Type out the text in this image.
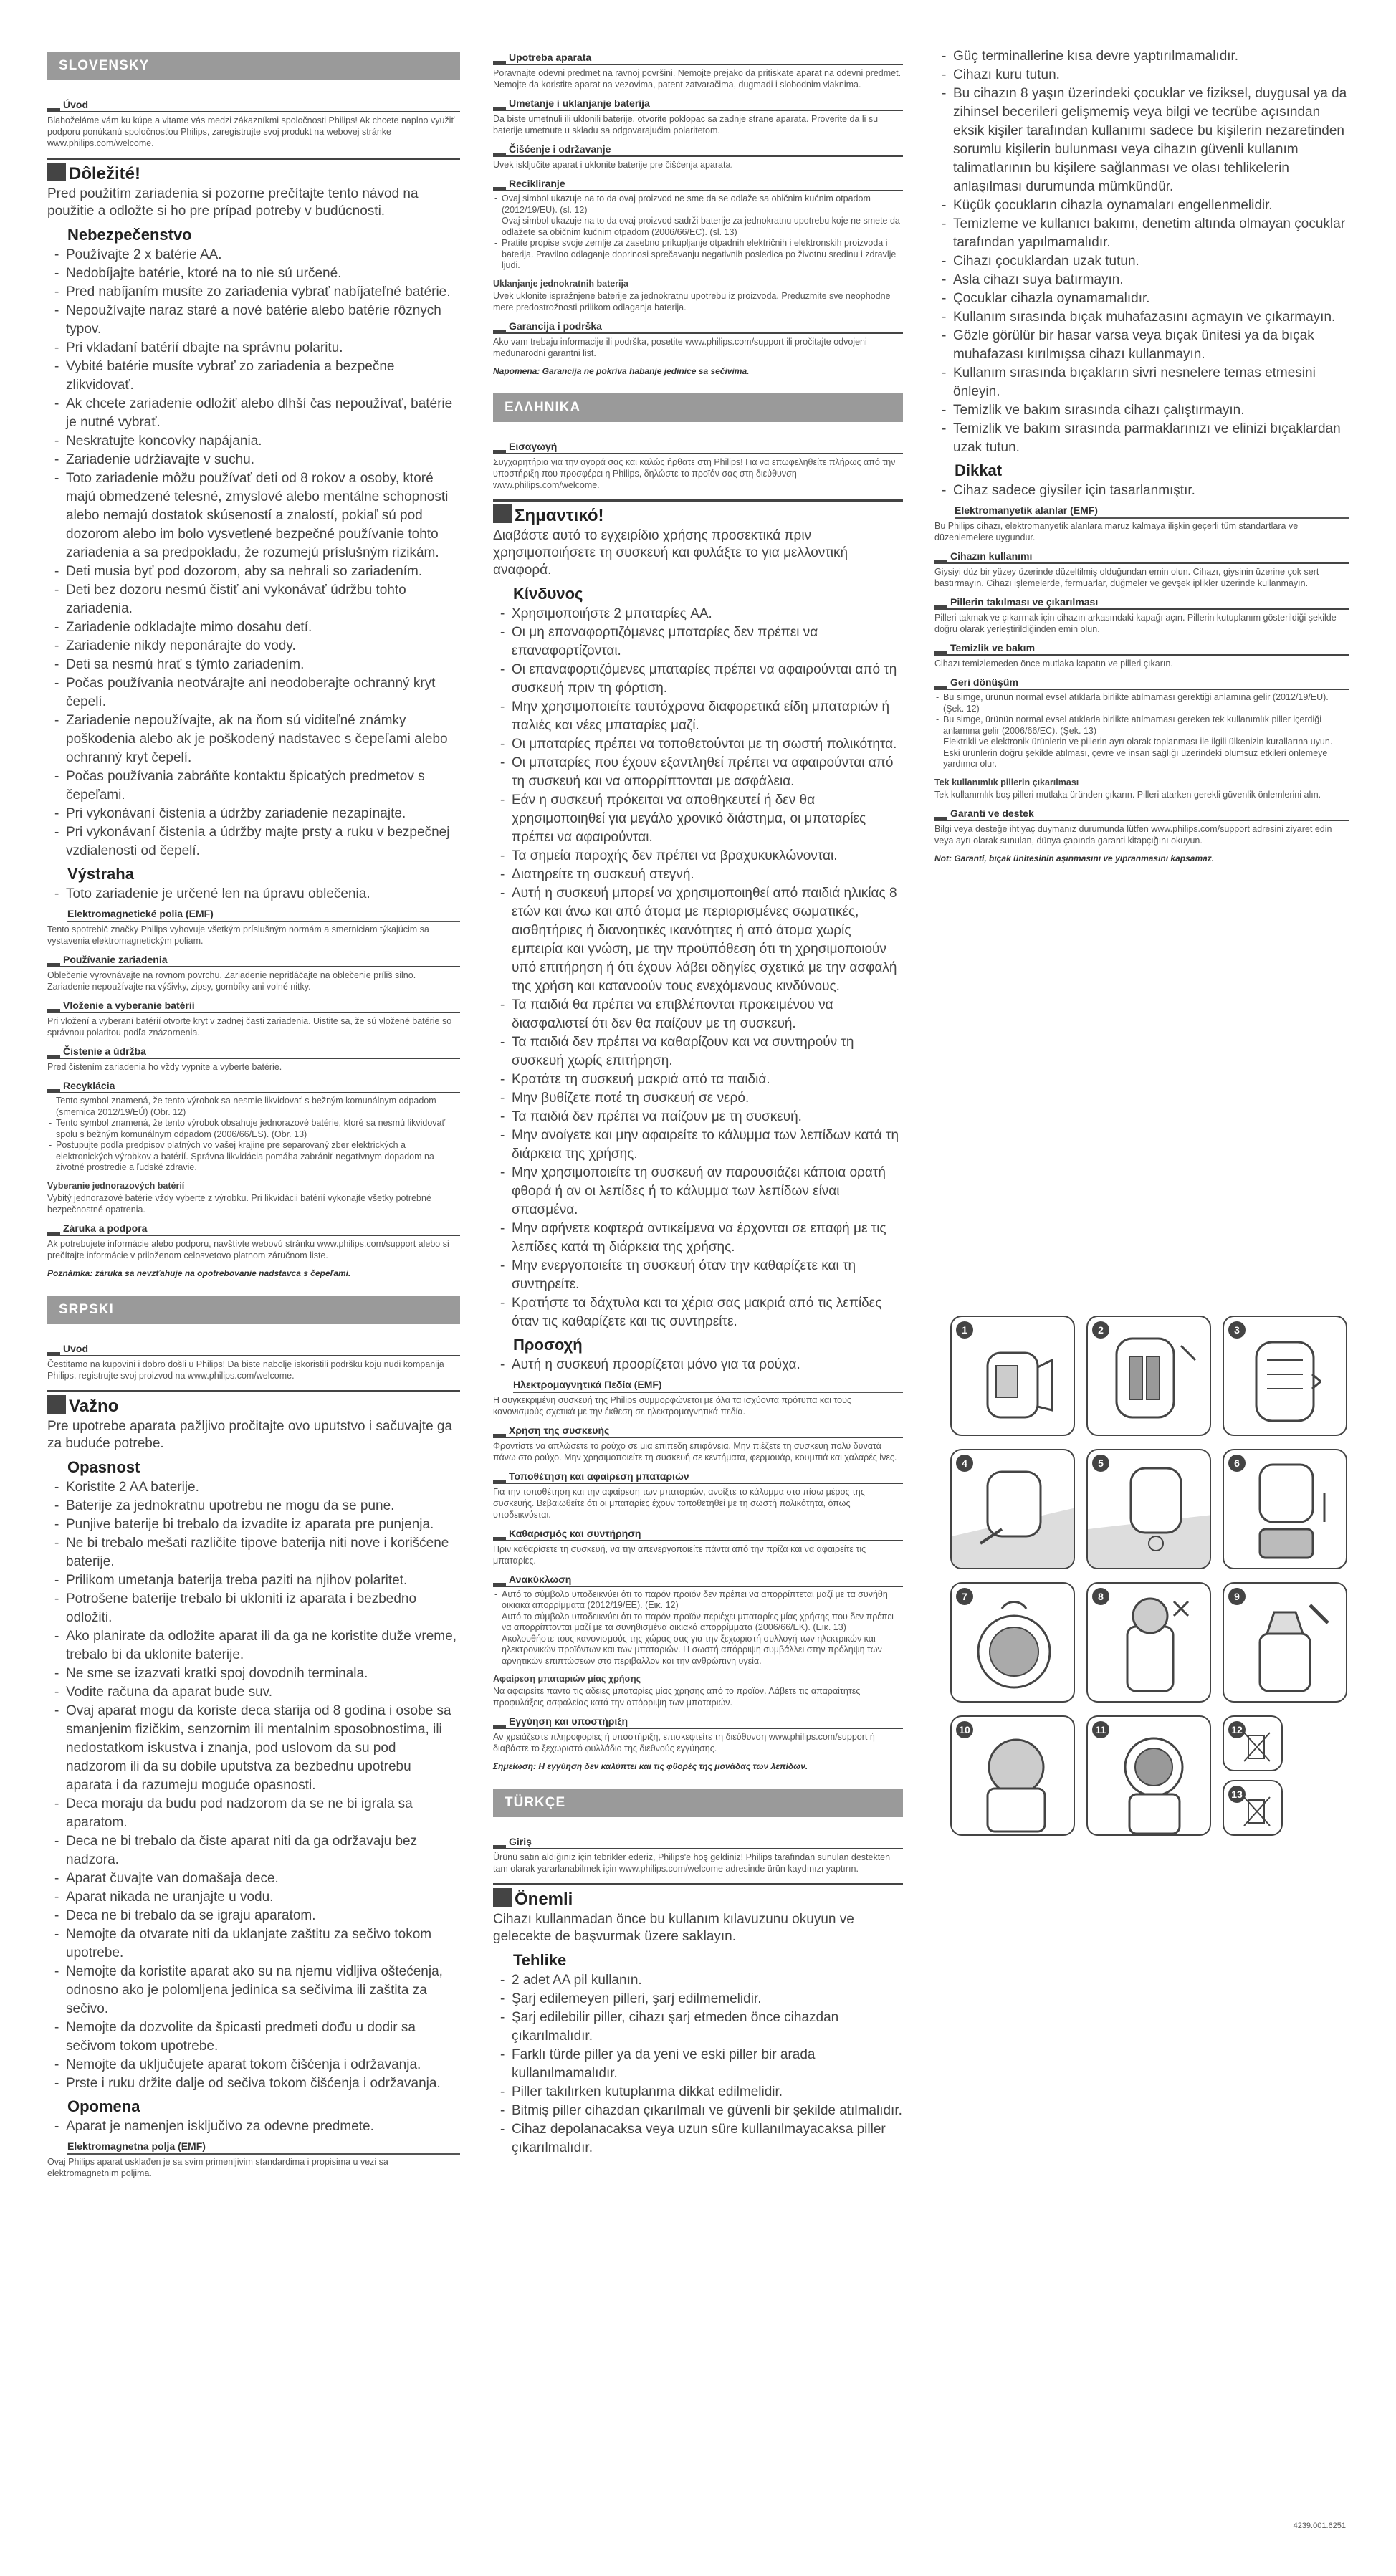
SLOVENSKY
Úvod

Blahoželáme vám ku kúpe a vitame vás medzi zákazníkmi spoločnosti Philips! Ak chcete naplno využiť podporu ponúkanú spoločnosťou Philips, zaregistrujte svoj produkt na webovej stránke www.philips.com/welcome.

Dôležité!

Pred použitím zariadenia si pozorne prečítajte tento návod na použitie a odložte si ho pre prípad potreby v budúcnosti.

Nebezpečenstvo
- Používajte 2 x batérie AA.
- Nedobíjajte batérie, ktoré na to nie sú určené.
- Pred nabíjaním musíte zo zariadenia vybrať nabíjateľné batérie.
- Nepoužívajte naraz staré a nové batérie alebo batérie rôznych typov.
- Pri vkladaní batérií dbajte na správnu polaritu.
- Vybité batérie musíte vybrať zo zariadenia a bezpečne zlikvidovať.
- Ak chcete zariadenie odložiť alebo dlhší čas nepoužívať, batérie je nutné vybrať.
- Neskratujte koncovky napájania.
- Zariadenie udržiavajte v suchu.
- Toto zariadenie môžu používať deti od 8 rokov a osoby, ktoré majú obmedzené telesné, zmyslové alebo mentálne schopnosti alebo nemajú dostatok skúseností a znalostí, pokiaľ sú pod dozorom alebo im bolo vysvetlené bezpečné používanie tohto zariadenia a sa predpokladu, že rozumejú príslušným rizikám.
- Deti musia byť pod dozorom, aby sa nehrali so zariadením.
- Deti bez dozoru nesmú čistiť ani vykonávať údržbu tohto zariadenia.
- Zariadenie odkladajte mimo dosahu detí.
- Zariadenie nikdy neponárajte do vody.
- Deti sa nesmú hrať s týmto zariadením.
- Počas používania neotvárajte ani neodoberajte ochranný kryt čepelí.
- Zariadenie nepoužívajte, ak na ňom sú viditeľné známky poškodenia alebo ak je poškodený nadstavec s čepeľami alebo ochranný kryt čepelí.
- Počas používania zabráňte kontaktu špicatých predmetov s čepeľami.
- Pri vykonávaní čistenia a údržby zariadenie nezapínajte.
- Pri vykonávaní čistenia a údržby majte prsty a ruku v bezpečnej vzdialenosti od čepelí.
Výstraha
- Toto zariadenie je určené len na úpravu oblečenia.
Elektromagnetické polia (EMF)

Tento spotrebič značky Philips vyhovuje všetkým príslušným normám a smerniciam týkajúcim sa vystavenia elektromagnetickým poliam.

Používanie zariadenia

Oblečenie vyrovnávajte na rovnom povrchu. Zariadenie nepritláčajte na oblečenie príliš silno. Zariadenie nepoužívajte na výšivky, zipsy, gombíky ani volné nitky.

Vloženie a vyberanie batérií

Pri vložení a vyberaní batérií otvorte kryt v zadnej časti zariadenia. Uistite sa, že sú vložené batérie so správnou polaritou podľa znázornenia.

Čistenie a údržba

Pred čistením zariadenia ho vždy vypnite a vyberte batérie.

Recyklácia
- Tento symbol znamená, že tento výrobok sa nesmie likvidovať s bežným komunálnym odpadom (smernica 2012/19/EÚ) (Obr. 12)
- Tento symbol znamená, že tento výrobok obsahuje jednorazové batérie, ktoré sa nesmú likvidovať spolu s bežným komunálnym odpadom (2006/66/ES). (Obr. 13)
- Postupujte podľa predpisov platných vo vašej krajine pre separovaný zber elektrických a elektronických výrobkov a batérií. Správna likvidácia pomáha zabrániť negatívnym dopadom na životné prostredie a ľudské zdravie.
Vyberanie jednorazových batérií

Vybitý jednorazové batérie vždy vyberte z výrobku. Pri likvidácii batérií vykonajte všetky potrebné bezpečnostné opatrenia.

Záruka a podpora

Ak potrebujete informácie alebo podporu, navštívte webovú stránku www.philips.com/support alebo si prečítajte informácie v priloženom celosvetovo platnom záručnom liste.

Poznámka: záruka sa nevzťahuje na opotrebovanie nadstavca s čepeľami.

SRPSKI
Uvod

Čestitamo na kupovini i dobro došli u Philips! Da biste nabolje iskoristili podršku koju nudi kompanija Philips, registrujte svoj proizvod na www.philips.com/welcome.

Važno

Pre upotrebe aparata pažljivo pročitajte ovo uputstvo i sačuvajte ga za buduće potrebe.

Opasnost
- Koristite 2 AA baterije.
- Baterije za jednokratnu upotrebu ne mogu da se pune.
- Punjive baterije bi trebalo da izvadite iz aparata pre punjenja.
- Ne bi trebalo mešati različite tipove baterija niti nove i korišćene baterije.
- Prilikom umetanja baterija treba paziti na njihov polaritet.
- Potrošene baterije trebalo bi ukloniti iz aparata i bezbedno odložiti.
- Ako planirate da odložite aparat ili da ga ne koristite duže vreme, trebalo bi da uklonite baterije.
- Ne sme se izazvati kratki spoj dovodnih terminala.
- Vodite računa da aparat bude suv.
- Ovaj aparat mogu da koriste deca starija od 8 godina i osobe sa smanjenim fizičkim, senzornim ili mentalnim sposobnostima, ili nedostatkom iskustva i znanja, pod uslovom da su pod nadzorom ili da su dobile uputstva za bezbednu upotrebu aparata i da razumeju moguće opasnosti.
- Deca moraju da budu pod nadzorom da se ne bi igrala sa aparatom.
- Deca ne bi trebalo da čiste aparat niti da ga održavaju bez nadzora.
- Aparat čuvajte van domašaja dece.
- Aparat nikada ne uranjajte u vodu.
- Deca ne bi trebalo da se igraju aparatom.
- Nemojte da otvarate niti da uklanjate zaštitu za sečivo tokom upotrebe.
- Nemojte da koristite aparat ako su na njemu vidljiva oštećenja, odnosno ako je polomljena jedinica sa sečivima ili zaštita za sečivo.
- Nemojte da dozvolite da špicasti predmeti dođu u dodir sa sečivom tokom upotrebe.
- Nemojte da uključujete aparat tokom čišćenja i održavanja.
- Prste i ruku držite dalje od sečiva tokom čišćenja i održavanja.
Opomena
- Aparat je namenjen isključivo za odevne predmete.
Elektromagnetna polja (EMF)

Ovaj Philips aparat usklađen je sa svim primenljivim standardima i propisima u vezi sa elektromagnetnim poljima.

Upotreba aparata

Poravnajte odevni predmet na ravnoj površini. Nemojte prejako da pritiskate aparat na odevni predmet. Nemojte da koristite aparat na vezovima, patent zatvaračima, dugmadi i slobodnim vlaknima.

Umetanje i uklanjanje baterija

Da biste umetnuli ili uklonili baterije, otvorite poklopac sa zadnje strane aparata. Proverite da li su baterije umetnute u skladu sa odgovarajućim polaritetom.

Čišćenje i održavanje

Uvek isključite aparat i uklonite baterije pre čišćenja aparata.

Recikliranje
- Ovaj simbol ukazuje na to da ovaj proizvod ne sme da se odlaže sa običnim kućnim otpadom (2012/19/EU). (sl. 12)
- Ovaj simbol ukazuje na to da ovaj proizvod sadrži baterije za jednokratnu upotrebu koje ne smete da odlažete sa običnim kućnim otpadom (2006/66/EC). (sl. 13)
- Pratite propise svoje zemlje za zasebno prikupljanje otpadnih električnih i elektronskih proizvoda i baterija. Pravilno odlaganje doprinosi sprečavanju negativnih posledica po životnu sredinu i zdravlje ljudi.
Uklanjanje jednokratnih baterija

Uvek uklonite ispražnjene baterije za jednokratnu upotrebu iz proizvoda. Preduzmite sve neophodne mere predostrožnosti prilikom odlaganja baterija.

Garancija i podrška

Ako vam trebaju informacije ili podrška, posetite www.philips.com/support ili pročitajte odvojeni međunarodni garantni list.

Napomena: Garancija ne pokriva habanje jedinice sa sečivima.

ΕΛΛΗΝΙΚΑ
Εισαγωγή

Συγχαρητήρια για την αγορά σας και καλώς ήρθατε στη Philips! Για να επωφεληθείτε πλήρως από την υποστήριξη που προσφέρει η Philips, δηλώστε το προϊόν σας στη διεύθυνση www.philips.com/welcome.

Σημαντικό!

Διαβάστε αυτό το εγχειρίδιο χρήσης προσεκτικά πριν χρησιμοποιήσετε τη συσκευή και φυλάξτε το για μελλοντική αναφορά.

Κίνδυνος
- Χρησιμοποιήστε 2 μπαταρίες AA.
- Οι μη επαναφορτιζόμενες μπαταρίες δεν πρέπει να επαναφορτίζονται.
- Οι επαναφορτιζόμενες μπαταρίες πρέπει να αφαιρούνται από τη συσκευή πριν τη φόρτιση.
- Μην χρησιμοποιείτε ταυτόχρονα διαφορετικά είδη μπαταριών ή παλιές και νέες μπαταρίες μαζί.
- Οι μπαταρίες πρέπει να τοποθετούνται με τη σωστή πολικότητα.
- Οι μπαταρίες που έχουν εξαντληθεί πρέπει να αφαιρούνται από τη συσκευή και να απορρίπτονται με ασφάλεια.
- Εάν η συσκευή πρόκειται να αποθηκευτεί ή δεν θα χρησιμοποιηθεί για μεγάλο χρονικό διάστημα, οι μπαταρίες πρέπει να αφαιρούνται.
- Τα σημεία παροχής δεν πρέπει να βραχυκυκλώνονται.
- Διατηρείτε τη συσκευή στεγνή.
- Αυτή η συσκευή μπορεί να χρησιμοποιηθεί από παιδιά ηλικίας 8 ετών και άνω και από άτομα με περιορισμένες σωματικές, αισθητήριες ή διανοητικές ικανότητες ή από άτομα χωρίς εμπειρία και γνώση, με την προϋπόθεση ότι τη χρησιμοποιούν υπό επιτήρηση ή ότι έχουν λάβει οδηγίες σχετικά με την ασφαλή της χρήση και κατανοούν τους ενεχόμενους κινδύνους.
- Τα παιδιά θα πρέπει να επιβλέπονται προκειμένου να διασφαλιστεί ότι δεν θα παίζουν με τη συσκευή.
- Τα παιδιά δεν πρέπει να καθαρίζουν και να συντηρούν τη συσκευή χωρίς επιτήρηση.
- Κρατάτε τη συσκευή μακριά από τα παιδιά.
- Μην βυθίζετε ποτέ τη συσκευή σε νερό.
- Τα παιδιά δεν πρέπει να παίζουν με τη συσκευή.
- Μην ανοίγετε και μην αφαιρείτε το κάλυμμα των λεπίδων κατά τη διάρκεια της χρήσης.
- Μην χρησιμοποιείτε τη συσκευή αν παρουσιάζει κάποια ορατή φθορά ή αν οι λεπίδες ή το κάλυμμα των λεπίδων είναι σπασμένα.
- Μην αφήνετε κοφτερά αντικείμενα να έρχονται σε επαφή με τις λεπίδες κατά τη διάρκεια της χρήσης.
- Μην ενεργοποιείτε τη συσκευή όταν την καθαρίζετε και τη συντηρείτε.
- Κρατήστε τα δάχτυλα και τα χέρια σας μακριά από τις λεπίδες όταν τις καθαρίζετε και τις συντηρείτε.
Προσοχή
- Αυτή η συσκευή προορίζεται μόνο για τα ρούχα.
Ηλεκτρομαγνητικά Πεδία (EMF)

Η συγκεκριμένη συσκευή της Philips συμμορφώνεται με όλα τα ισχύοντα πρότυπα και τους κανονισμούς σχετικά με την έκθεση σε ηλεκτρομαγνητικά πεδία.

Χρήση της συσκευής

Φροντίστε να απλώσετε το ρούχο σε μια επίπεδη επιφάνεια. Μην πιέζετε τη συσκευή πολύ δυνατά πάνω στο ρούχο. Μην χρησιμοποιείτε τη συσκευή σε κεντήματα, φερμουάρ, κουμπιά και χαλαρές ίνες.

Τοποθέτηση και αφαίρεση μπαταριών

Για την τοποθέτηση και την αφαίρεση των μπαταριών, ανοίξτε το κάλυμμα στο πίσω μέρος της συσκευής. Βεβαιωθείτε ότι οι μπαταρίες έχουν τοποθετηθεί με τη σωστή πολικότητα, όπως υποδεικνύεται.

Καθαρισμός και συντήρηση

Πριν καθαρίσετε τη συσκευή, να την απενεργοποιείτε πάντα από την πρίζα και να αφαιρείτε τις μπαταρίες.

Ανακύκλωση
- Αυτό το σύμβολο υποδεικνύει ότι το παρόν προϊόν δεν πρέπει να απορρίπτεται μαζί με τα συνήθη οικιακά απορρίμματα (2012/19/ΕΕ). (Εικ. 12)
- Αυτό το σύμβολο υποδεικνύει ότι το παρόν προϊόν περιέχει μπαταρίες μίας χρήσης που δεν πρέπει να απορρίπτονται μαζί με τα συνηθισμένα οικιακά απορρίμματα (2006/66/ΕΚ). (Εικ. 13)
- Ακολουθήστε τους κανονισμούς της χώρας σας για την ξεχωριστή συλλογή των ηλεκτρικών και ηλεκτρονικών προϊόντων και των μπαταριών. Η σωστή απόρριψη συμβάλλει στην πρόληψη των αρνητικών επιπτώσεων στο περιβάλλον και την ανθρώπινη υγεία.
Αφαίρεση μπαταριών μίας χρήσης

Να αφαιρείτε πάντα τις άδειες μπαταρίες μίας χρήσης από το προϊόν. Λάβετε τις απαραίτητες προφυλάξεις ασφαλείας κατά την απόρριψη των μπαταριών.

Εγγύηση και υποστήριξη

Αν χρειάζεστε πληροφορίες ή υποστήριξη, επισκεφτείτε τη διεύθυνση www.philips.com/support ή διαβάστε το ξεχωριστό φυλλάδιο της διεθνούς εγγύησης.

Σημείωση: Η εγγύηση δεν καλύπτει και τις φθορές της μονάδας των λεπίδων.

TÜRKÇE
Giriş

Ürünü satın aldığınız için tebrikler ederiz, Philips'e hoş geldiniz! Philips tarafından sunulan destekten tam olarak yararlanabilmek için www.philips.com/welcome adresinde ürün kaydınızı yaptırın.

Önemli

Cihazı kullanmadan önce bu kullanım kılavuzunu okuyun ve gelecekte de başvurmak üzere saklayın.

Tehlike
- 2 adet AA pil kullanın.
- Şarj edilemeyen pilleri, şarj edilmemelidir.
- Şarj edilebilir piller, cihazı şarj etmeden önce cihazdan çıkarılmalıdır.
- Farklı türde piller ya da yeni ve eski piller bir arada kullanılmamalıdır.
- Piller takılırken kutuplanma dikkat edilmelidir.
- Bitmiş piller cihazdan çıkarılmalı ve güvenli bir şekilde atılmalıdır.
- Cihaz depolanacaksa veya uzun süre kullanılmayacaksa piller çıkarılmalıdır.
- Güç terminallerine kısa devre yaptırılmamalıdır.
- Cihazı kuru tutun.
- Bu cihazın 8 yaşın üzerindeki çocuklar ve fiziksel, duygusal ya da zihinsel becerileri gelişmemiş veya bilgi ve tecrübe açısından eksik kişiler tarafından kullanımı sadece bu kişilerin nezaretinden sorumlu kişilerin bulunması veya cihazın güvenli kullanım talimatlarının bu kişilere sağlanması ve olası tehlikelerin anlaşılması durumunda mümkündür.
- Küçük çocukların cihazla oynamaları engellenmelidir.
- Temizleme ve kullanıcı bakımı, denetim altında olmayan çocuklar tarafından yapılmamalıdır.
- Cihazı çocuklardan uzak tutun.
- Asla cihazı suya batırmayın.
- Çocuklar cihazla oynamamalıdır.
- Kullanım sırasında bıçak muhafazasını açmayın ve çıkarmayın.
- Gözle görülür bir hasar varsa veya bıçak ünitesi ya da bıçak muhafazası kırılmışsa cihazı kullanmayın.
- Kullanım sırasında bıçakların sivri nesnelere temas etmesini önleyin.
- Temizlik ve bakım sırasında cihazı çalıştırmayın.
- Temizlik ve bakım sırasında parmaklarınızı ve elinizi bıçaklardan uzak tutun.
Dikkat
- Cihaz sadece giysiler için tasarlanmıştır.
Elektromanyetik alanlar (EMF)

Bu Philips cihazı, elektromanyetik alanlara maruz kalmaya ilişkin geçerli tüm standartlara ve düzenlemelere uygundur.

Cihazın kullanımı

Giysiyi düz bir yüzey üzerinde düzeltilmiş olduğundan emin olun. Cihazı, giysinin üzerine çok sert bastırmayın. Cihazı işlemelerde, fermuarlar, düğmeler ve gevşek iplikler üzerinde kullanmayın.

Pillerin takılması ve çıkarılması

Pilleri takmak ve çıkarmak için cihazın arkasındaki kapağı açın. Pillerin kutuplanım gösterildiği şekilde doğru olarak yerleştirildiğinden emin olun.

Temizlik ve bakım

Cihazı temizlemeden önce mutlaka kapatın ve pilleri çıkarın.

Geri dönüşüm
- Bu simge, ürünün normal evsel atıklarla birlikte atılmaması gerektiği anlamına gelir (2012/19/EU). (Şek. 12)
- Bu simge, ürünün normal evsel atıklarla birlikte atılmaması gereken tek kullanımlık piller içerdiği anlamına gelir (2006/66/EC). (Şek. 13)
- Elektrikli ve elektronik ürünlerin ve pillerin ayrı olarak toplanması ile ilgili ülkenizin kurallarına uyun. Eski ürünlerin doğru şekilde atılması, çevre ve insan sağlığı üzerindeki olumsuz etkileri önlemeye yardımcı olur.
Tek kullanımlık pillerin çıkarılması

Tek kullanımlık boş pilleri mutlaka üründen çıkarın. Pilleri atarken gerekli güvenlik önlemlerini alın.

Garanti ve destek

Bilgi veya desteğe ihtiyaç duymanız durumunda lütfen www.philips.com/support adresini ziyaret edin veya ayrı olarak sunulan, dünya çapında garanti kitapçığını okuyun.

Not: Garanti, bıçak ünitesinin aşınmasını ve yıpranmasını kapsamaz.

1	2	3
4	5	6
7	8	9
10	11	12
13
4239.001.6251
